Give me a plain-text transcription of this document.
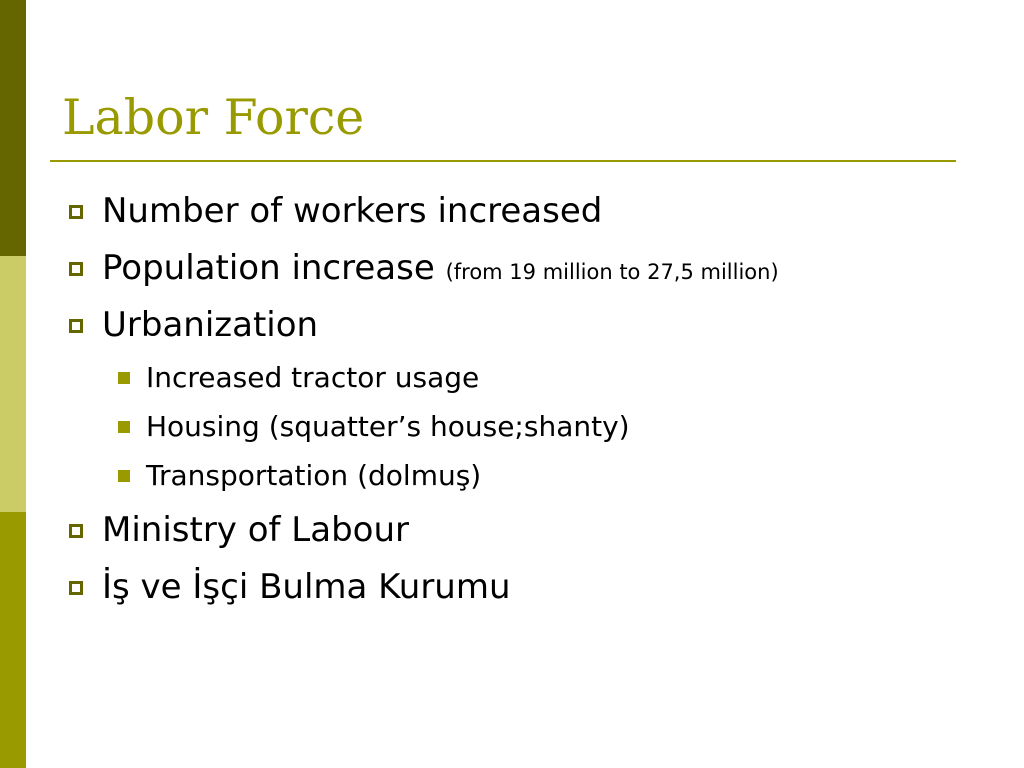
Labor Force
Number of workers increased
Population increase (from 19 million to 27,5 million)
Urbanization
Increased tractor usage
Housing (squatter’s house;shanty)
Transportation (dolmuş)
Ministry of Labour
İş ve İşçi Bulma Kurumu
